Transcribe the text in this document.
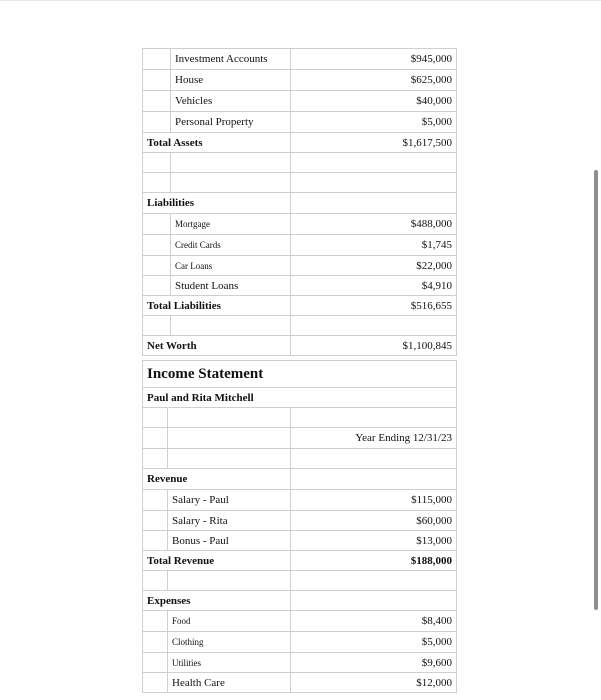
	Investment Accounts	$945,000
	House	$625,000
	Vehicles	$40,000
	Personal Property	$5,000
Total Assets		$1,617,500

Liabilities		
	Mortgage	$488,000
	Credit Cards	$1,745
	Car Loans	$22,000
	Student Loans	$4,910
Total Liabilities		$516,655

Net Worth		$1,100,845
Income Statement		
Paul and Rita Mitchell		

		Year Ending 12/31/23

Revenue		
	Salary - Paul	$115,000
	Salary - Rita	$60,000
	Bonus - Paul	$13,000
Total Revenue		$188,000

Expenses		
	Food	$8,400
	Clothing	$5,000
	Utilities	$9,600
	Health Care	$12,000
